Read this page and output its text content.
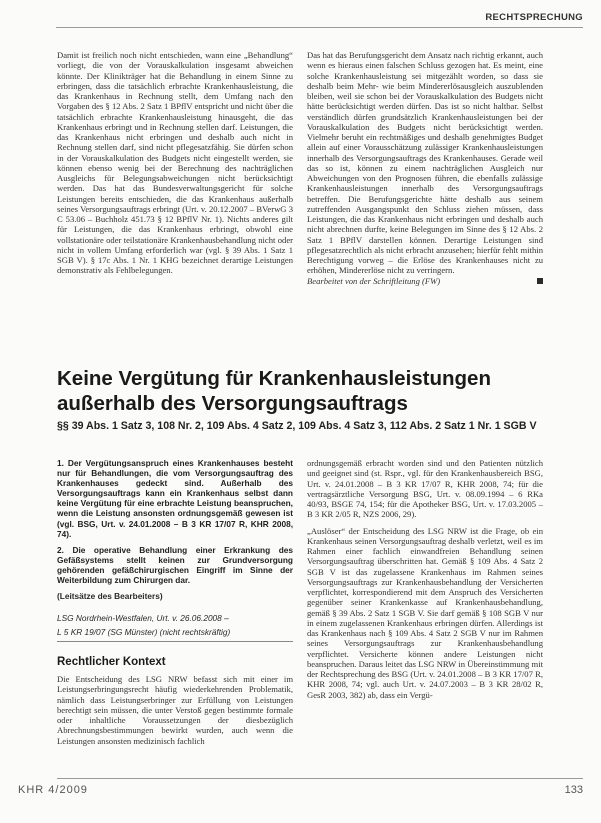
RECHTSPRECHUNG

Damit ist freilich noch nicht entschieden, wann eine „Behandlung“ vorliegt, die von der Vorauskalkulation insgesamt abweichen könnte. Der Klinikträger hat die Behandlung in einem Sinne zu erbringen, dass die tatsächlich erbrachte Krankenhausleistung, die das Krankenhaus in Rechnung stellt, dem Umfang nach den Vorgaben des § 12 Abs. 2 Satz 1 BPflV entspricht und nicht über die tatsächlich erbrachte Krankenhausleistung hinausgeht, die das Krankenhaus erbringt und in Rechnung stellen darf. Leistungen, die das Krankenhaus nicht erbringen und deshalb auch nicht in Rechnung stellen darf, sind nicht pflegesatzfähig. Sie dürfen schon in der Vorauskalkulation des Budgets nicht eingestellt werden, sie können ebenso wenig bei der Berechnung des nachträglichen Ausgleichs für Belegungsabweichungen nicht berücksichtigt werden. Das hat das Bundesverwaltungsgericht für solche Leistungen bereits entschieden, die das Krankenhaus außerhalb seines Versorgungsauftrags erbringt (Urt. v. 20.12.2007 – BVerwG 3 C 53.06 – Buchholz 451.73 § 12 BPflV Nr. 1). Nichts anderes gilt für Leistungen, die das Krankenhaus erbringt, obwohl eine vollstationäre oder teilstationäre Krankenhausbehandlung nicht oder nicht in vollem Umfang erforderlich war (vgl. § 39 Abs. 1 Satz 1 SGB V). § 17c Abs. 1 Nr. 1 KHG bezeichnet derartige Leistungen demonstrativ als Fehlbelegungen.

Das hat das Berufungsgericht dem Ansatz nach richtig erkannt, auch wenn es hieraus einen falschen Schluss gezogen hat. Es meint, eine solche Krankenhausleistung sei mitgezählt worden, so dass sie deshalb beim Mehr- wie beim Mindererlösausgleich auszublenden bleiben, weil sie schon bei der Vorauskalkulation des Budgets nicht hätte berücksichtigt werden dürfen. Das ist so nicht haltbar. Selbst verständlich dürfen grundsätzlich Krankenhausleistungen bei der Vorauskalkulation des Budgets nicht berücksichtigt werden. Vielmehr beruht ein rechtmäßiges und deshalb genehmigtes Budget allein auf einer Vorausschätzung zulässiger Krankenhausleistungen innerhalb des Versorgungsauftrags des Krankenhauses. Gerade weil das so ist, können zu einem nachträglichen Ausgleich nur Abweichungen von den Prognosen führen, die ebenfalls zulässige Krankenhausleistungen innerhalb des Versorgungsauftrags betreffen. Die Berufungsgerichte hätte deshalb aus seinem zutreffenden Ausgangspunkt den Schluss ziehen müssen, dass Leistungen, die das Krankenhaus nicht erbringen und deshalb auch nicht abrechnen durfte, keine Belegungen im Sinne des § 12 Abs. 2 Satz 1 BPflV darstellen können. Derartige Leistungen sind pflegesatzrechtlich als nicht erbracht anzusehen; hierfür fehlt mithin Berechtigung vorweg – die Erlöse des Krankenhauses nicht zu erhöhen, Mindererlöse nicht zu verringern.

Bearbeitet von der Schriftleitung (FW)

Keine Vergütung für Krankenhausleistungen außerhalb des Versorgungsauftrags
§§ 39 Abs. 1 Satz 3, 108 Nr. 2, 109 Abs. 4 Satz 2, 109 Abs. 4 Satz 3, 112 Abs. 2 Satz 1 Nr. 1 SGB V

1. Der Vergütungsanspruch eines Krankenhauses besteht nur für Behandlungen, die vom Versorgungsauftrag des Krankenhauses gedeckt sind. Außerhalb des Versorgungsauftrags kann ein Krankenhaus selbst dann keine Vergütung für eine erbrachte Leistung beanspruchen, wenn die Leistung ansonsten ordnungsgemäß gewesen ist (vgl. BSG, Urt. v. 24.01.2008 – B 3 KR 17/07 R, KHR 2008, 74).

2. Die operative Behandlung einer Erkrankung des Gefäßsystems stellt keinen zur Grundversorgung gehörenden gefäßchirurgischen Eingriff im Sinne der Weiterbildung zum Chirurgen dar.

(Leitsätze des Bearbeiters)

LSG Nordrhein-Westfalen, Urt. v. 26.06.2008 –

L 5 KR 19/07 (SG Münster) (nicht rechtskräftig)

Rechtlicher Kontext

Die Entscheidung des LSG NRW befasst sich mit einer im Leistungserbringungsrecht häufig wiederkehrenden Problematik, nämlich dass Leistungserbringer zur Erfüllung von Leistungen berechtigt sein müssen, die unter Verstoß gegen bestimmte formale oder inhaltliche Voraussetzungen der diesbezüglich Abrechnungsbestimmungen bewirkt wurden, auch wenn die Leistungen ansonsten medizinisch fachlich

ordnungsgemäß erbracht worden sind und den Patienten nützlich und geeignet sind (st. Rspr., vgl. für den Krankenhausbereich BSG, Urt. v. 24.01.2008 – B 3 KR 17/07 R, KHR 2008, 74; für die vertragsärztliche Versorgung BSG, Urt. v. 08.09.1994 – 6 RKa 40/93, BSGE 74, 154; für die Apotheker BSG, Urt. v. 17.03.2005 – B 3 KR 2/05 R, NZS 2006, 29).

„Auslöser“ der Entscheidung des LSG NRW ist die Frage, ob ein Krankenhaus seinen Versorgungsauftrag deshalb verletzt, weil es im Rahmen einer fachlich einwandfreien Behandlung seinen Versorgungsauftrag überschritten hat. Gemäß § 109 Abs. 4 Satz 2 SGB V ist das zugelassene Krankenhaus im Rahmen seines Versorgungsauftrags zur Krankenhausbehandlung der Versicherten verpflichtet, korrespondierend mit dem Anspruch des Versicherten gegenüber seiner Krankenkasse auf Krankenhausbehandlung, gemäß § 39 Abs. 2 Satz 1 SGB V. Sie darf gemäß § 108 SGB V nur in einem zugelassenen Krankenhaus erbringen dürfen. Allerdings ist das Krankenhaus nach § 109 Abs. 4 Satz 2 SGB V nur im Rahmen seines Versorgungsauftrags zur Krankenhausbehandlung verpflichtet. Versicherte können andere Leistungen nicht beanspruchen. Daraus leitet das LSG NRW in Übereinstimmung mit der Rechtsprechung des BSG (Urt. v. 24.01.2008 – B 3 KR 17/07 R, KHR 2008, 74; vgl. auch Urt. v. 24.07.2003 – B 3 KR 28/02 R, GesR 2003, 382) ab, dass ein Vergü-

KHR 4/2009	133
